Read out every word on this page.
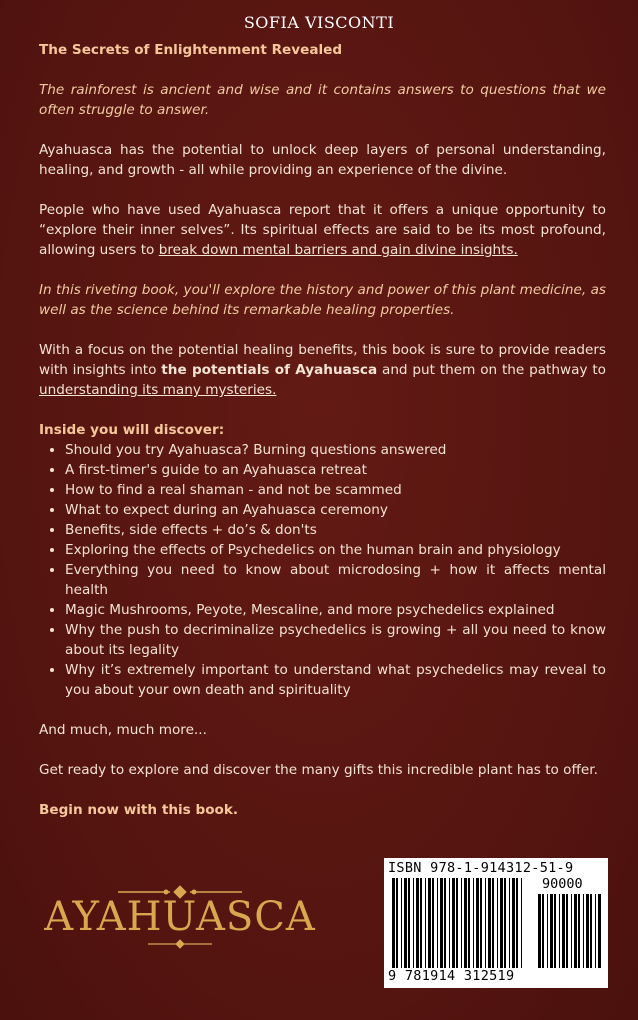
SOFIA VISCONTI

The Secrets of Enlightenment Revealed

The rainforest is ancient and wise and it contains answers to questions that we often struggle to answer.

Ayahuasca has the potential to unlock deep layers of personal understanding, healing, and growth - all while providing an experience of the divine.

People who have used Ayahuasca report that it offers a unique opportunity to “explore their inner selves”. Its spiritual effects are said to be its most profound, allowing users to break down mental barriers and gain divine insights.

In this riveting book, you'll explore the history and power of this plant medicine, as well as the science behind its remarkable healing properties.

With a focus on the potential healing benefits, this book is sure to provide readers with insights into the potentials of Ayahuasca and put them on the pathway to understanding its many mysteries.

Inside you will discover:

• Should you try Ayahuasca? Burning questions answered
• A first-timer's guide to an Ayahuasca retreat
• How to find a real shaman - and not be scammed
• What to expect during an Ayahuasca ceremony
• Benefits, side effects + do’s & don'ts
• Exploring the effects of Psychedelics on the human brain and physiology
• Everything you need to know about microdosing + how it affects mental health
• Magic Mushrooms, Peyote, Mescaline, and more psychedelics explained
• Why the push to decriminalize psychedelics is growing + all you need to know about its legality
• Why it’s extremely important to understand what psychedelics may reveal to you about your own death and spirituality

And much, much more...

Get ready to explore and discover the many gifts this incredible plant has to offer.

Begin now with this book.

AYAHUASCA
ISBN 978-1-914312-51-9
90000
9 781914 312519
